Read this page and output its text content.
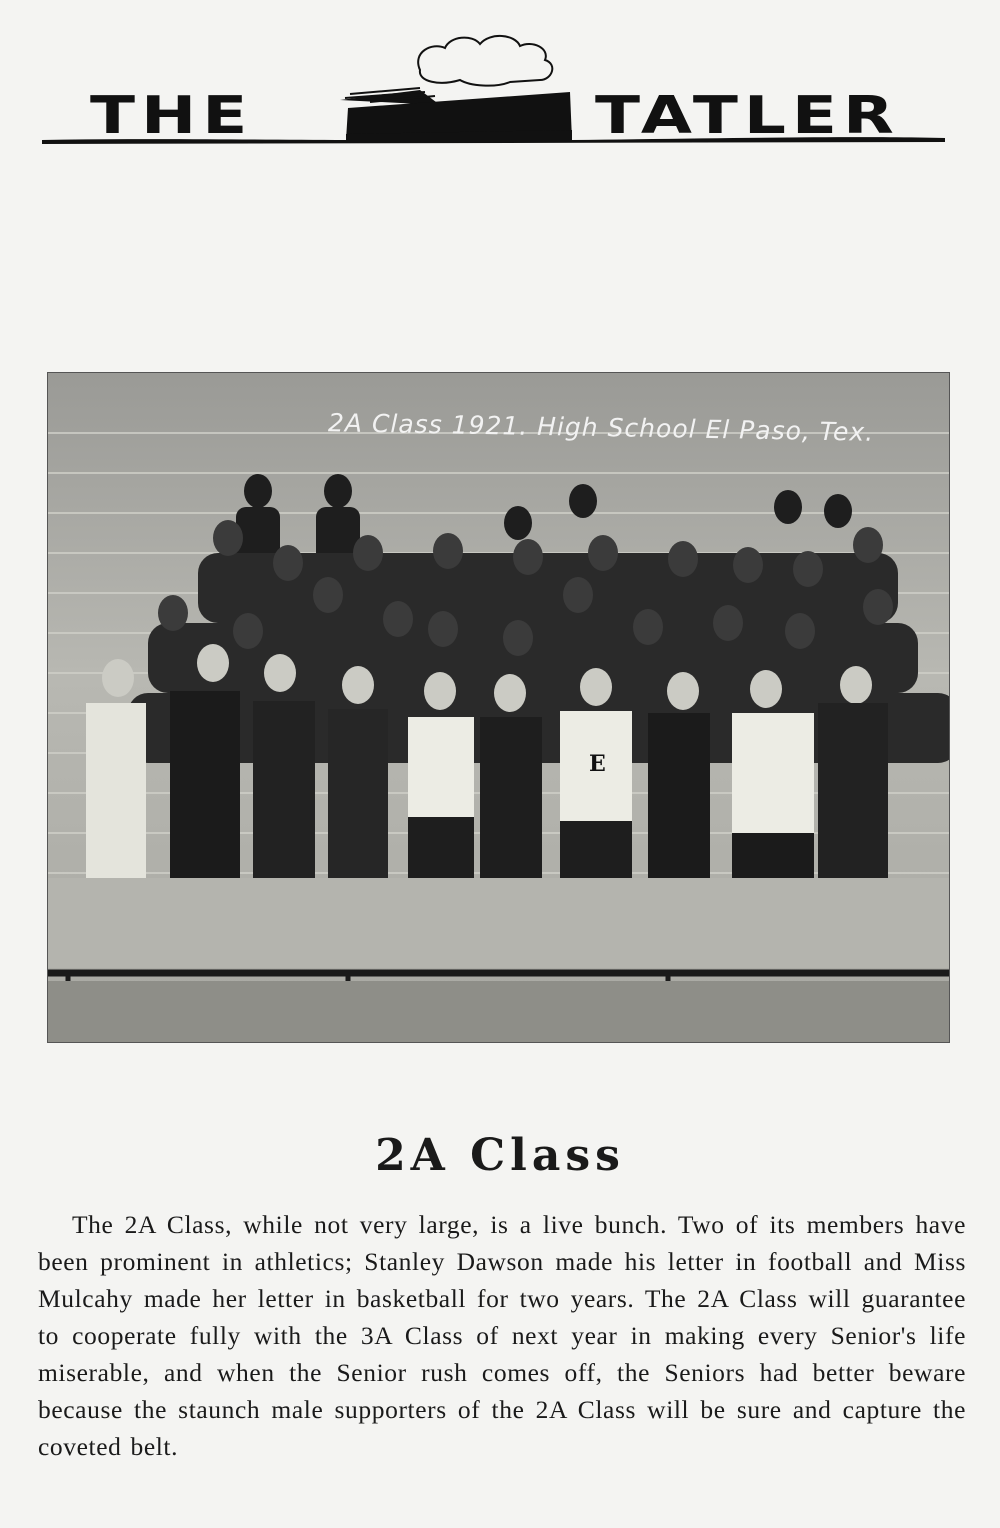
THE	TATLER
E
2A Class 1921. High School El Paso, Tex.
2A Class

The 2A Class, while not very large, is a live bunch. Two of its members have been prominent in athletics; Stanley Dawson made his letter in football and Miss Mulcahy made her letter in basketball for two years. The 2A Class will guarantee to cooperate fully with the 3A Class of next year in making every Senior's life miserable, and when the Senior rush comes off, the Seniors had better beware because the staunch male supporters of the 2A Class will be sure and capture the coveted belt.
